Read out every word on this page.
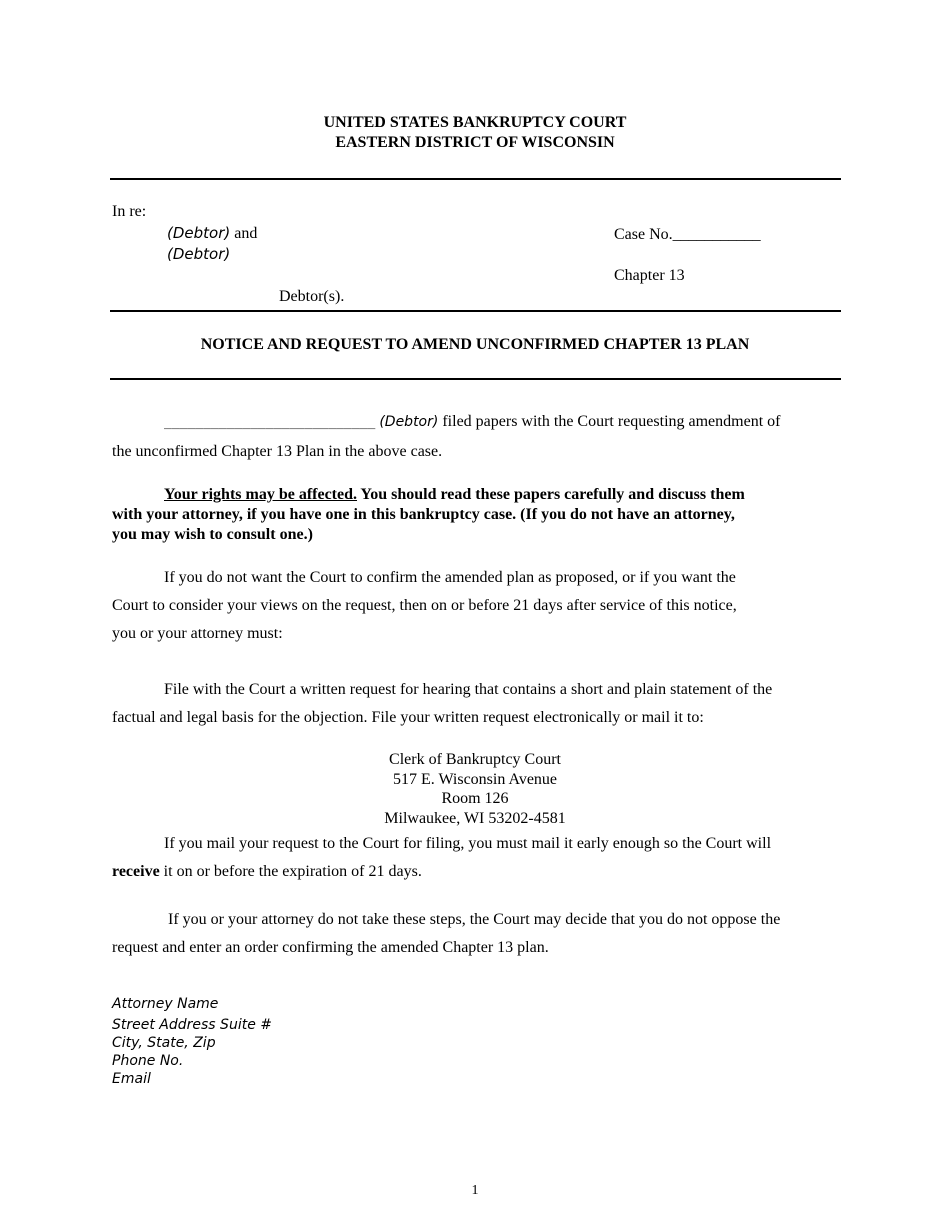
UNITED STATES BANKRUPTCY COURT
EASTERN DISTRICT OF WISCONSIN
In re:
(Debtor) and
(Debtor)
Debtor(s).
Case No.___________
Chapter 13
NOTICE AND REQUEST TO AMEND UNCONFIRMED CHAPTER 13 PLAN
___________________________ (Debtor) filed papers with the Court requesting amendment of
the unconfirmed Chapter 13 Plan in the above case.
Your rights may be affected. You should read these papers carefully and discuss them
with your attorney, if you have one in this bankruptcy case. (If you do not have an attorney,
you may wish to consult one.)
If you do not want the Court to confirm the amended plan as proposed, or if you want the
Court to consider your views on the request, then on or before 21 days after service of this notice,
you or your attorney must:
File with the Court a written request for hearing that contains a short and plain statement of the
factual and legal basis for the objection. File your written request electronically or mail it to:
Clerk of Bankruptcy Court
517 E. Wisconsin Avenue
Room 126
Milwaukee, WI 53202-4581
If you mail your request to the Court for filing, you must mail it early enough so the Court will
receive it on or before the expiration of 21 days.
If you or your attorney do not take these steps, the Court may decide that you do not oppose the
request and enter an order confirming the amended Chapter 13 plan.
Attorney Name
Street Address Suite #
City, State, Zip
Phone No.
Email
1
